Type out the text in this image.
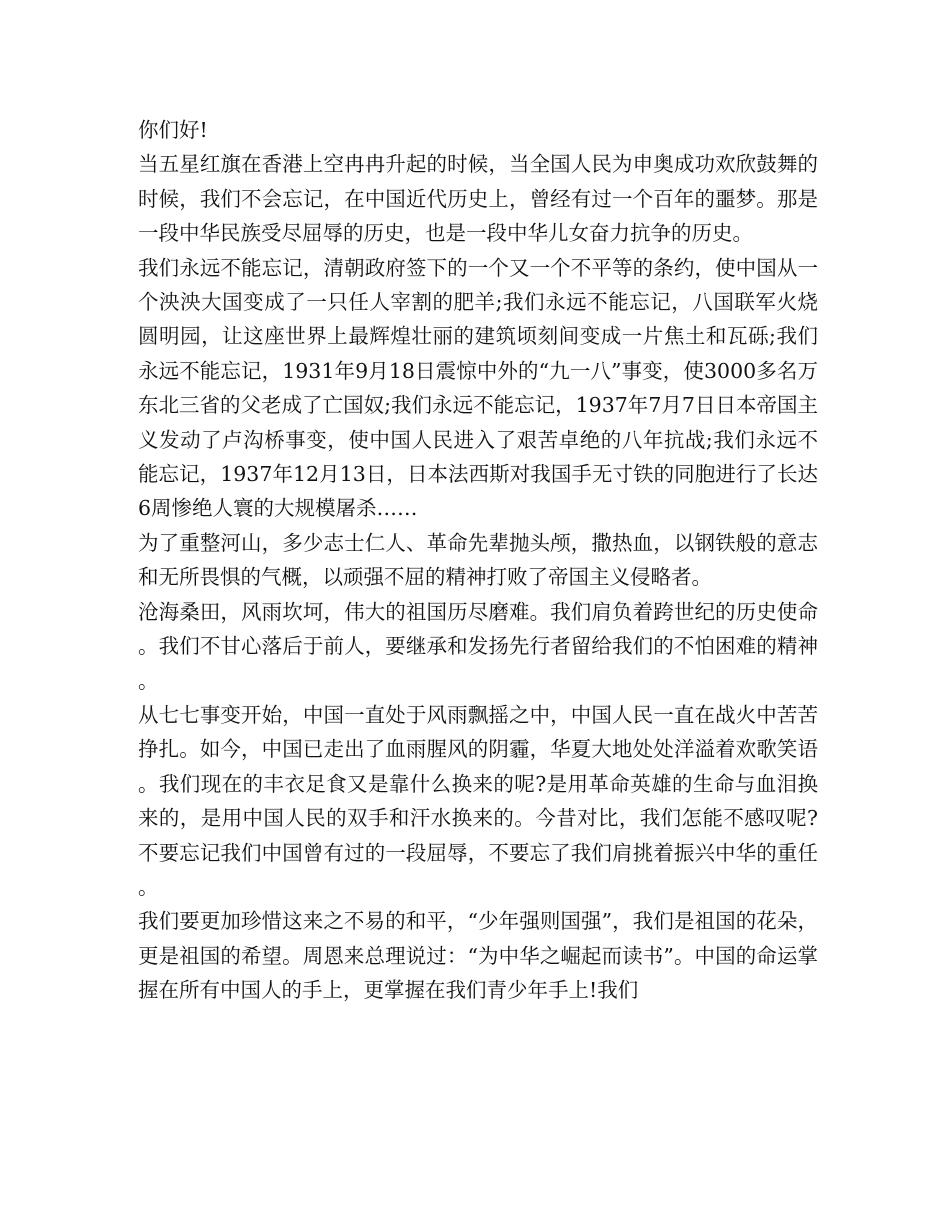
你们好!

当五星红旗在香港上空冉冉升起的时候，当全国人民为申奥成功欢欣鼓舞的时候，我们不会忘记，在中国近代历史上，曾经有过一个百年的噩梦。那是一段中华民族受尽屈辱的历史，也是一段中华儿女奋力抗争的历史。

我们永远不能忘记，清朝政府签下的一个又一个不平等的条约，使中国从一个泱泱大国变成了一只任人宰割的肥羊;我们永远不能忘记，八国联军火烧圆明园，让这座世界上最辉煌壮丽的建筑顷刻间变成一片焦土和瓦砾;我们永远不能忘记，1931年9月18日震惊中外的“九一八”事变，使3000多名万东北三省的父老成了亡国奴;我们永远不能忘记，1937年7月7日日本帝国主义发动了卢沟桥事变，使中国人民进入了艰苦卓绝的八年抗战;我们永远不能忘记，1937年12月13日，日本法西斯对我国手无寸铁的同胞进行了长达6周惨绝人寰的大规模屠杀……

为了重整河山，多少志士仁人、革命先辈抛头颅，撒热血，以钢铁般的意志和无所畏惧的气概，以顽强不屈的精神打败了帝国主义侵略者。

沧海桑田，风雨坎坷，伟大的祖国历尽磨难。我们肩负着跨世纪的历史使命。我们不甘心落后于前人，要继承和发扬先行者留给我们的不怕困难的精神。

从七七事变开始，中国一直处于风雨飘摇之中，中国人民一直在战火中苦苦挣扎。如今，中国已走出了血雨腥风的阴霾，华夏大地处处洋溢着欢歌笑语。我们现在的丰衣足食又是靠什么换来的呢?是用革命英雄的生命与血泪换来的，是用中国人民的双手和汗水换来的。今昔对比，我们怎能不感叹呢?不要忘记我们中国曾有过的一段屈辱，不要忘了我们肩挑着振兴中华的重任。

我们要更加珍惜这来之不易的和平，“少年强则国强”，我们是祖国的花朵，更是祖国的希望。周恩来总理说过：“为中华之崛起而读书”。中国的命运掌握在所有中国人的手上，更掌握在我们青少年手上!我们
